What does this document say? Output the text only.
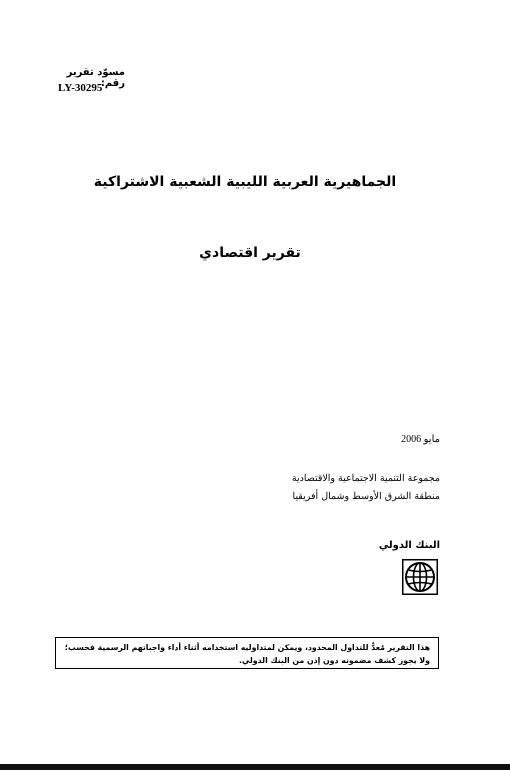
مسوّد تقرير رقم:
LY-30295
الجماهيرية العربية الليبية الشعبية الاشتراكية
تقرير اقتصادي
مايو 2006
مجموعة التنمية الاجتماعية والاقتصادية
منطقة الشرق الأوسط وشمال أفريقيا
البنك الدولي
هذا التقرير مُعدٌّ للتداول المحدود، ويمكن لمتداوليه استخدامه أثناء أداء واجباتهم الرسمية فحسب؛ ولا يجوز كشف مضمونه دون إذن من البنك الدولي.
